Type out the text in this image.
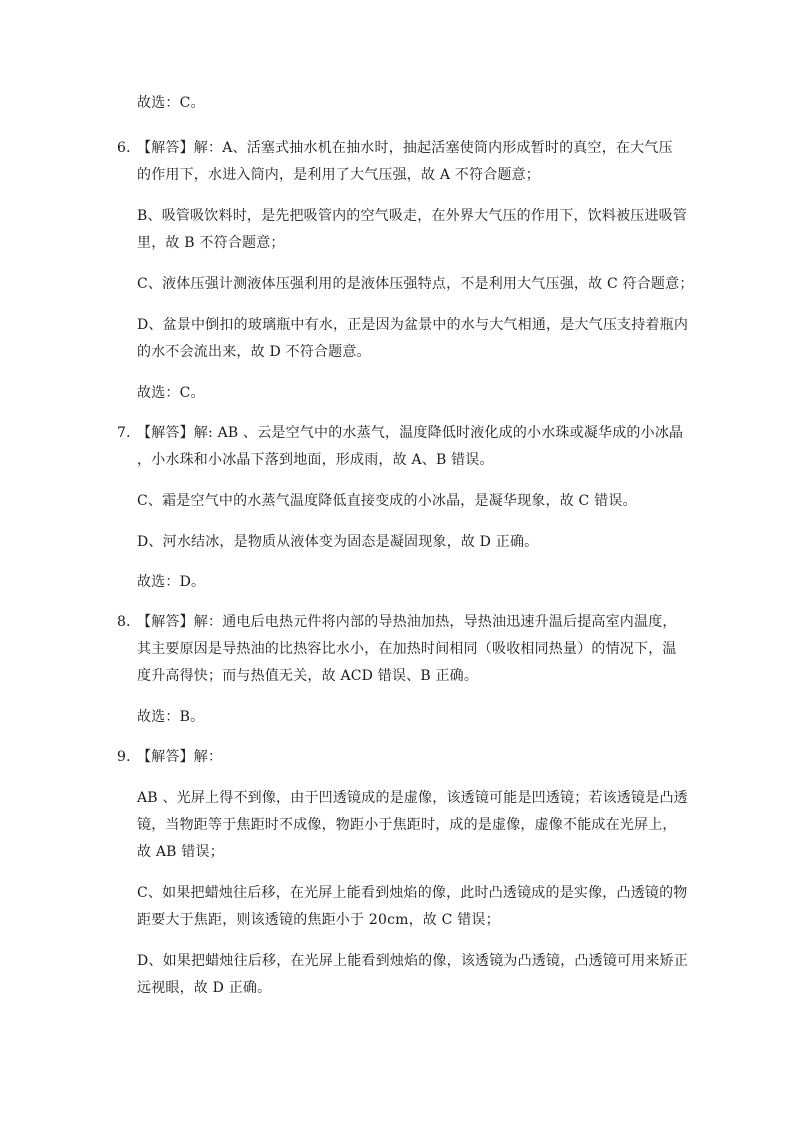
故选：C。
6．【解答】解：A、活塞式抽水机在抽水时，抽起活塞使筒内形成暂时的真空，在大气压
的作用下，水进入筒内，是利用了大气压强，故 A 不符合题意；
B、吸管吸饮料时，是先把吸管内的空气吸走，在外界大气压的作用下，饮料被压进吸管
里，故 B 不符合题意；
C、液体压强计测液体压强利用的是液体压强特点，不是利用大气压强，故 C 符合题意；
D、盆景中倒扣的玻璃瓶中有水，正是因为盆景中的水与大气相通，是大气压支持着瓶内
的水不会流出来，故 D 不符合题意。
故选：C。
7．【解答】解: AB 、云是空气中的水蒸气，温度降低时液化成的小水珠或凝华成的小冰晶
，小水珠和小冰晶下落到地面，形成雨，故 A、B 错误。
C、霜是空气中的水蒸气温度降低直接变成的小冰晶，是凝华现象，故 C 错误。
D、河水结冰，是物质从液体变为固态是凝固现象，故 D 正确。
故选：D。
8．【解答】解：通电后电热元件将内部的导热油加热，导热油迅速升温后提高室内温度，
其主要原因是导热油的比热容比水小，在加热时间相同（吸收相同热量）的情况下，温
度升高得快；而与热值无关，故 ACD 错误、B 正确。
故选：B。
9．【解答】解：
AB 、光屏上得不到像，由于凹透镜成的是虚像，该透镜可能是凹透镜；若该透镜是凸透
镜，当物距等于焦距时不成像，物距小于焦距时，成的是虚像，虚像不能成在光屏上，
故 AB 错误；
C、如果把蜡烛往后移，在光屏上能看到烛焰的像，此时凸透镜成的是实像，凸透镜的物
距要大于焦距，则该透镜的焦距小于 20cm，故 C 错误；
D、如果把蜡烛往后移，在光屏上能看到烛焰的像，该透镜为凸透镜，凸透镜可用来矫正
远视眼，故 D 正确。
